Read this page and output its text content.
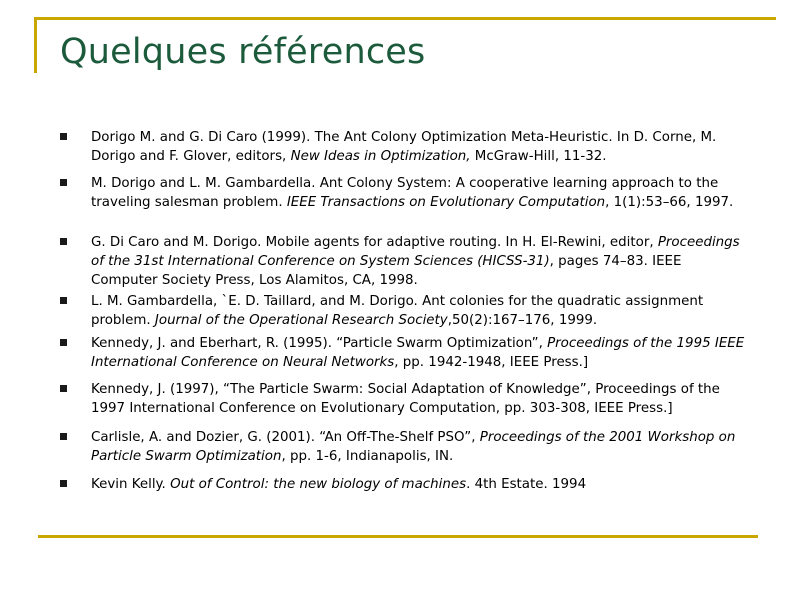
Quelques références
Dorigo M. and G. Di Caro (1999). The Ant Colony Optimization Meta-Heuristic. In D. Corne, M. Dorigo and F. Glover, editors, New Ideas in Optimization, McGraw-Hill, 11-32.
M. Dorigo and L. M. Gambardella. Ant Colony System: A cooperative learning approach to the traveling salesman problem. IEEE Transactions on Evolutionary Computation, 1(1):53–66, 1997.
G. Di Caro and M. Dorigo. Mobile agents for adaptive routing. In H. El-Rewini, editor, Proceedings of the 31st International Conference on System Sciences (HICSS-31), pages 74–83. IEEE Computer Society Press, Los Alamitos, CA, 1998.
L. M. Gambardella, `E. D. Taillard, and M. Dorigo. Ant colonies for the quadratic assignment problem. Journal of the Operational Research Society,50(2):167–176, 1999.
Kennedy, J. and Eberhart, R. (1995). “Particle Swarm Optimization”, Proceedings of the 1995 IEEE International Conference on Neural Networks, pp. 1942-1948, IEEE Press.]
Kennedy, J. (1997), “The Particle Swarm: Social Adaptation of Knowledge”, Proceedings of the 1997 International Conference on Evolutionary Computation, pp. 303-308, IEEE Press.]
Carlisle, A. and Dozier, G. (2001). “An Off-The-Shelf PSO”, Proceedings of the 2001 Workshop on Particle Swarm Optimization, pp. 1-6, Indianapolis, IN.
Kevin Kelly. Out of Control: the new biology of machines. 4th Estate. 1994
